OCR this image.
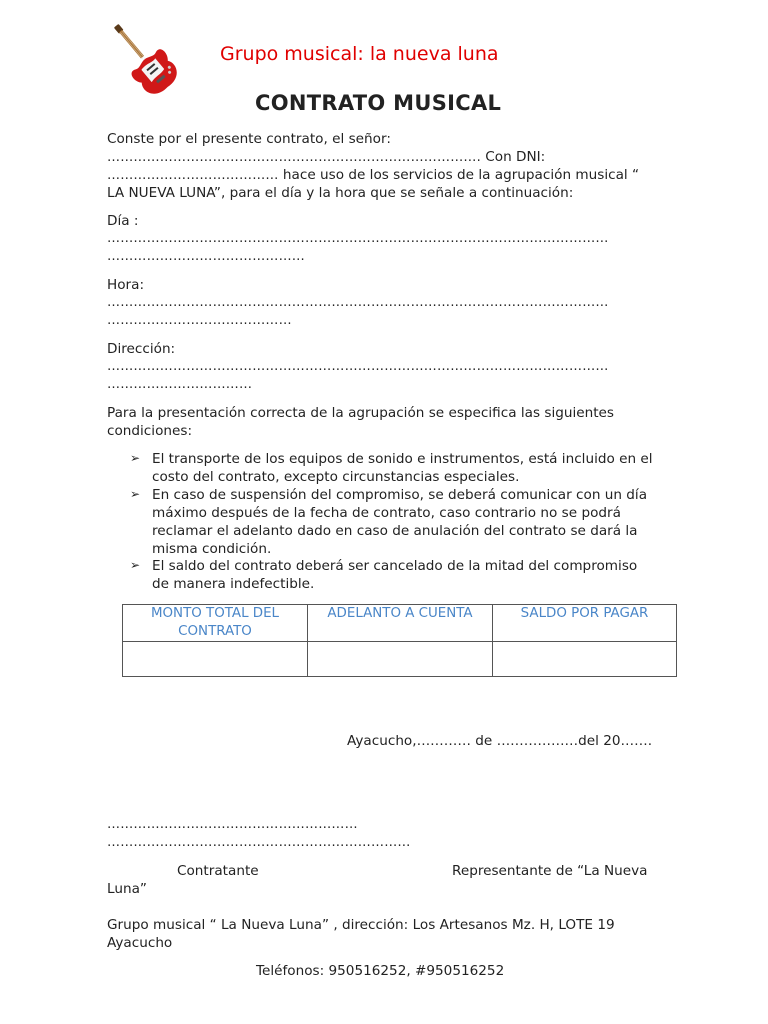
Grupo musical: la nueva luna
CONTRATO MUSICAL
Conste por el presente contrato, el señor:
…………………………………………………………………………. Con DNI:
………………………………… hace uso de los servicios de la agrupación musical “
LA NUEVA LUNA”, para el día y la hora que se señale a continuación:
Día :
……………………………………………………………………………………………………
………………………………………
Hora:
……………………………………………………………………………………………………
……………………………………
Dirección:
……………………………………………………………………………………………………
……………………………
Para la presentación correcta de la agrupación se especifica las siguientes
condiciones:
➢ El transporte de los equipos de sonido e instrumentos, está incluido en el
costo del contrato, excepto circunstancias especiales.
➢ En caso de suspensión del compromiso, se deberá comunicar con un día
máximo después de la fecha de contrato, caso contrario no se podrá
reclamar el adelanto dado en caso de anulación del contrato se dará la
misma condición.
➢ El saldo del contrato deberá ser cancelado de la mitad del compromiso
de manera indefectible.
MONTO TOTAL DEL
CONTRATO	ADELANTO A CUENTA	SALDO POR PAGAR

Ayacucho,………… de ………………del 20…….
…………………………………………………
……………………………………………………………
Contratante	Representante de “La Nueva
Luna”
Grupo musical “ La Nueva Luna” , dirección: Los Artesanos Mz. H, LOTE 19
Ayacucho
Teléfonos: 950516252, #950516252
